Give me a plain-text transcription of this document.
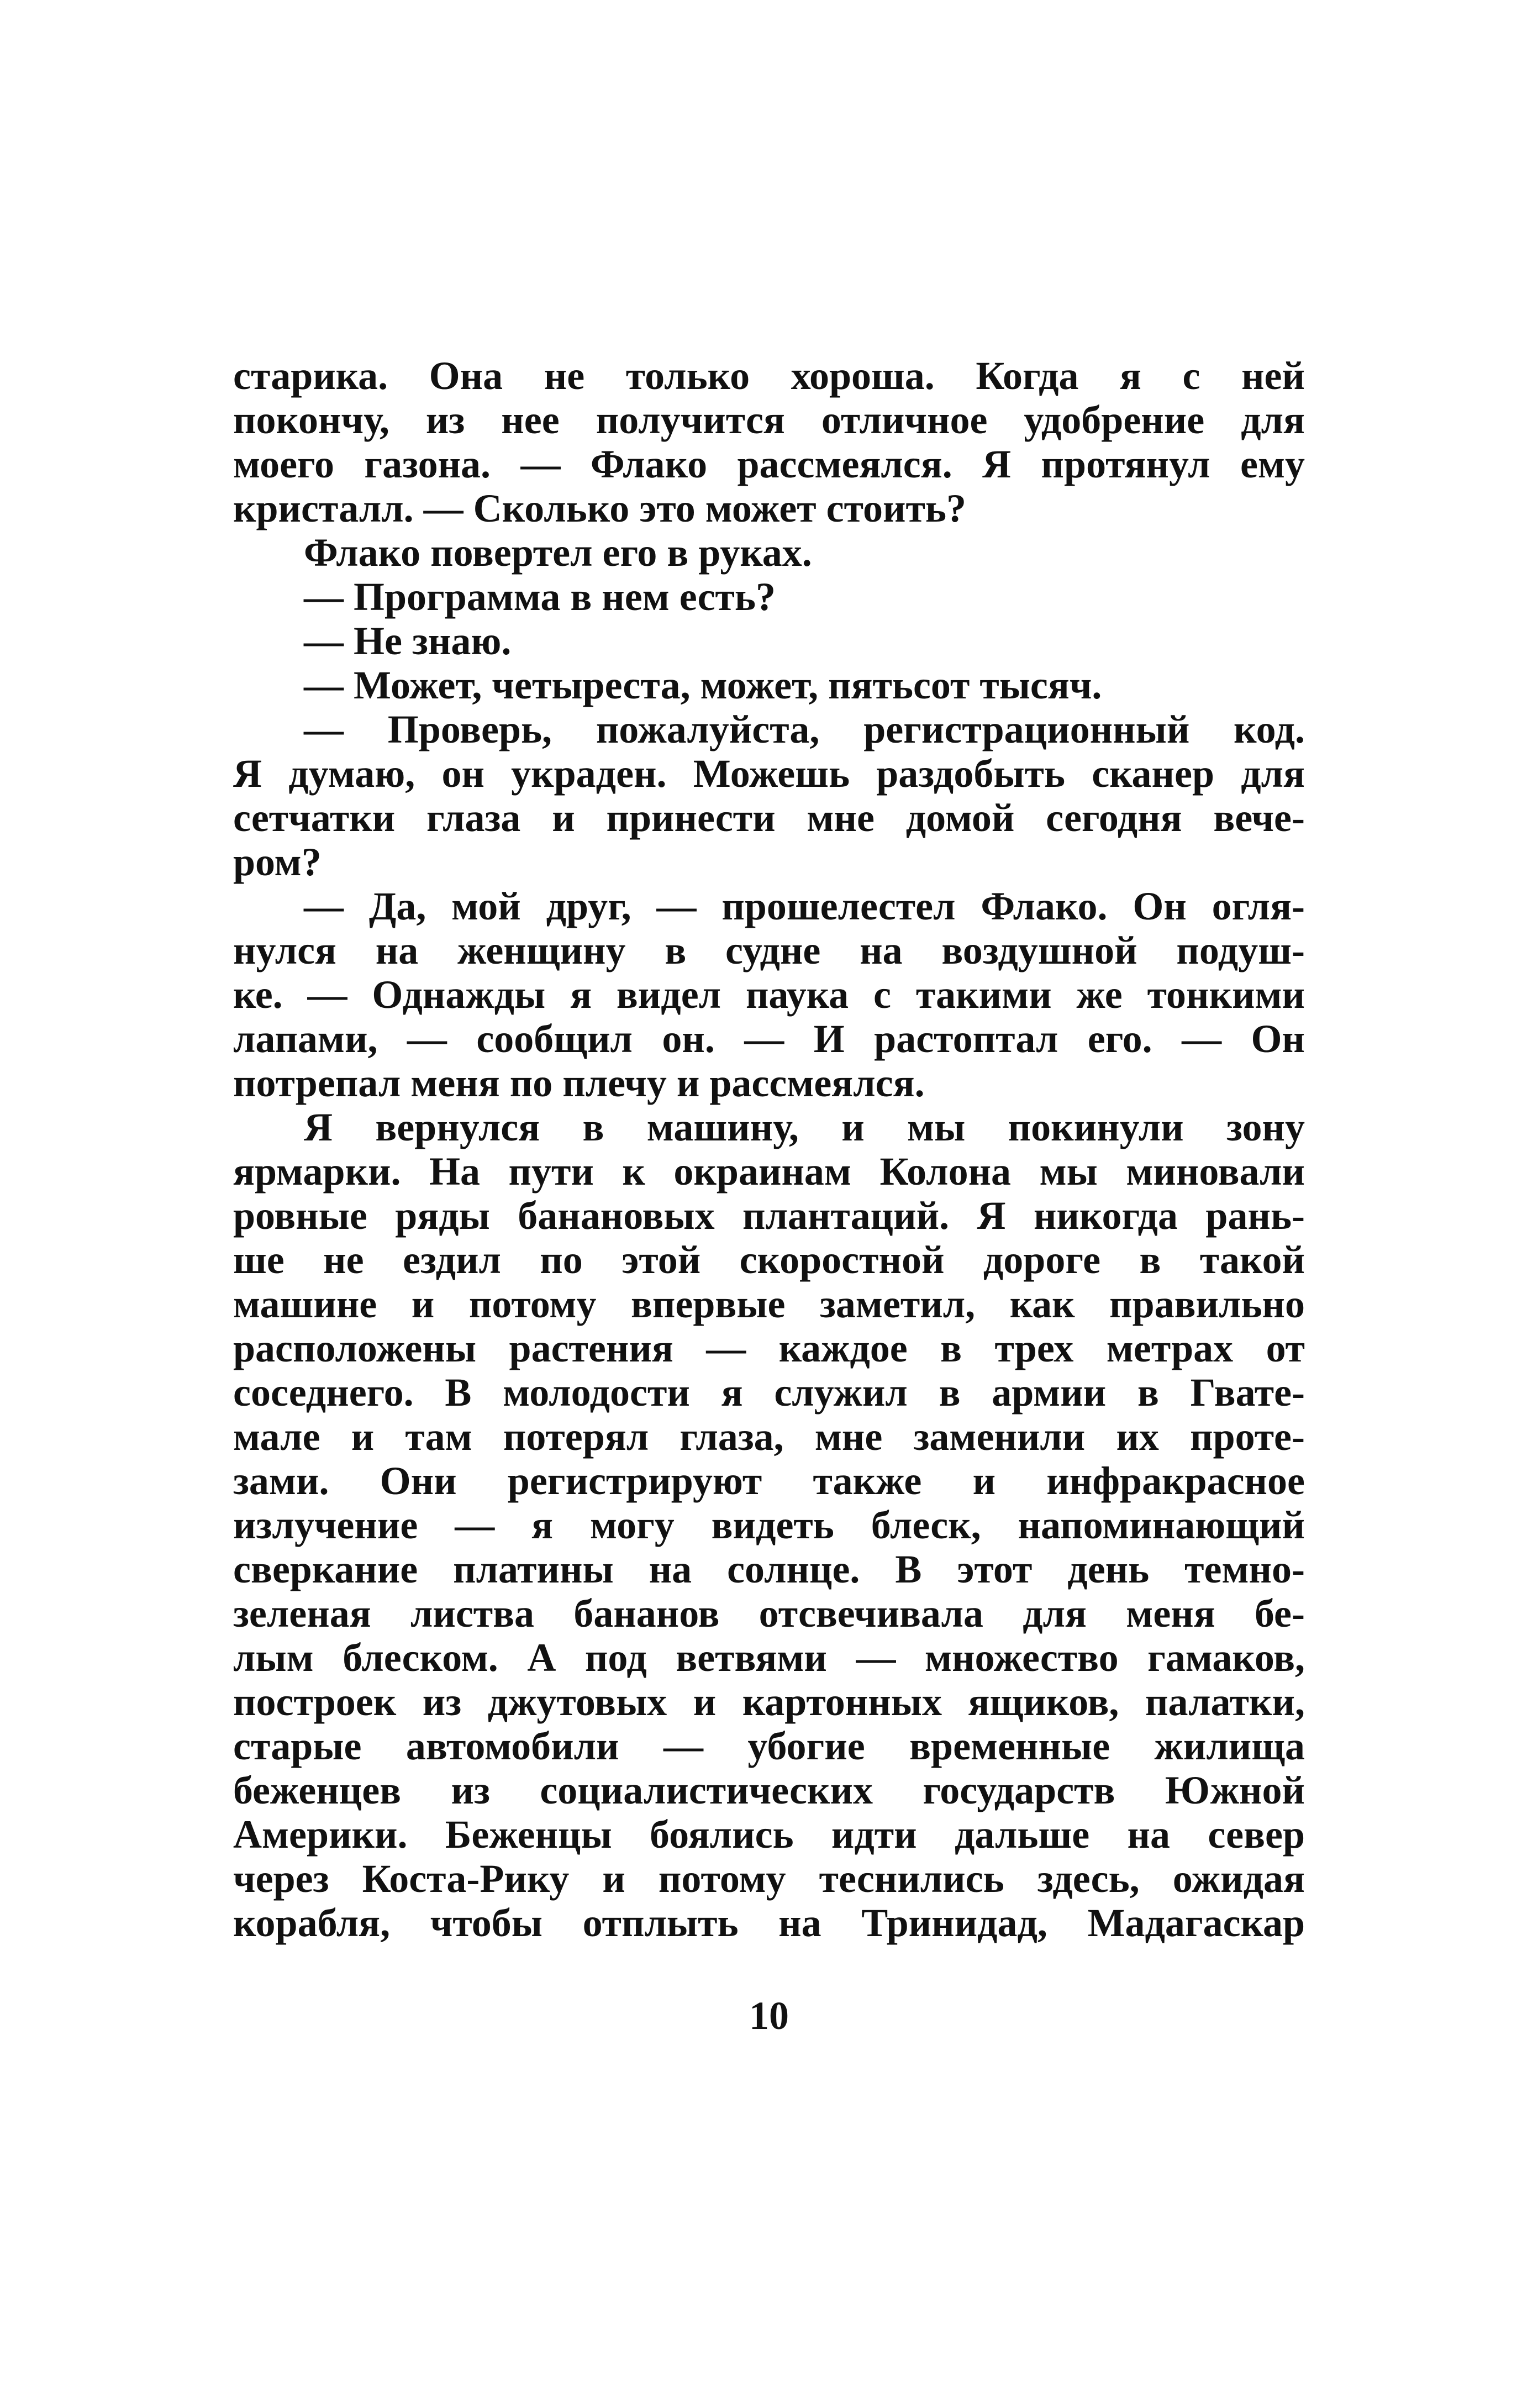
старика. Она не только хороша. Когда я с ней
покончу, из нее получится отличное удобрение для
моего газона. — Флако рассмеялся. Я протянул ему
кристалл. — Сколько это может стоить?
Флако повертел его в руках.
— Программа в нем есть?
— Не знаю.
— Может, четыреста, может, пятьсот тысяч.
— Проверь, пожалуйста, регистрационный код.
Я думаю, он украден. Можешь раздобыть сканер для
сетчатки глаза и принести мне домой сегодня вече-
ром?
— Да, мой друг, — прошелестел Флако. Он огля-
нулся на женщину в судне на воздушной подуш-
ке. — Однажды я видел паука с такими же тонкими
лапами, — сообщил он. — И растоптал его. — Он
потрепал меня по плечу и рассмеялся.
Я вернулся в машину, и мы покинули зону
ярмарки. На пути к окраинам Колона мы миновали
ровные ряды банановых плантаций. Я никогда рань-
ше не ездил по этой скоростной дороге в такой
машине и потому впервые заметил, как правильно
расположены растения — каждое в трех метрах от
соседнего. В молодости я служил в армии в Гвате-
мале и там потерял глаза, мне заменили их проте-
зами. Они регистрируют также и инфракрасное
излучение — я могу видеть блеск, напоминающий
сверкание платины на солнце. В этот день темно-
зеленая листва бананов отсвечивала для меня бе-
лым блеском. А под ветвями — множество гамаков,
построек из джутовых и картонных ящиков, палатки,
старые автомобили — убогие временные жилища
беженцев из социалистических государств Южной
Америки. Беженцы боялись идти дальше на север
через Коста-Рику и потому теснились здесь, ожидая
корабля, чтобы отплыть на Тринидад, Мадагаскар
10
